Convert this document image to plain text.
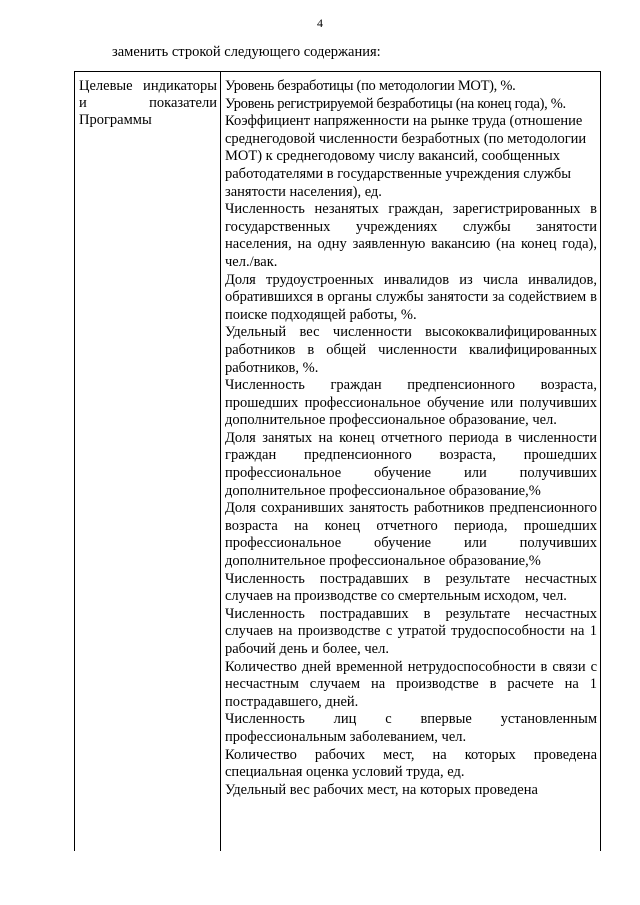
4
заменить строкой следующего содержания:
Целевые индикаторы и показатели Программы

Уровень безработицы (по методологии МОТ), %.

Уровень регистрируемой безработицы (на конец года), %.

Коэффициент напряженности на рынке труда (отношение среднегодовой численности безработных (по методологии МОТ) к среднегодовому числу вакансий, сообщенных работодателями в государственные учреждения службы занятости населения), ед.

Численность незанятых граждан, зарегистрированных в государственных учреждениях службы занятости населения, на одну заявленную вакансию (на конец года), чел./вак.

Доля трудоустроенных инвалидов из числа инвалидов, обратившихся в органы службы занятости за содействием в поиске подходящей работы, %.

Удельный вес численности высококвалифицированных работников в общей численности квалифицированных работников, %.

Численность граждан предпенсионного возраста, прошедших профессиональное обучение или получивших дополнительное профессиональное образование, чел.

Доля занятых на конец отчетного периода в численности граждан предпенсионного возраста, прошедших профессиональное обучение или получивших дополнительное профессиональное образование,%

Доля сохранивших занятость работников предпенсионного возраста на конец отчетного периода, прошедших профессиональное обучение или получивших дополнительное профессиональное образование,%

Численность пострадавших в результате несчастных случаев на производстве со смертельным исходом, чел.

Численность пострадавших в результате несчастных случаев на производстве с утратой трудоспособности на 1 рабочий день и более, чел.

Количество дней временной нетрудоспособности в связи с несчастным случаем на производстве в расчете на 1 пострадавшего, дней.

Численность лиц с впервые установленным профессиональным заболеванием, чел.

Количество рабочих мест, на которых проведена специальная оценка условий труда, ед.

Удельный вес рабочих мест, на которых проведена
